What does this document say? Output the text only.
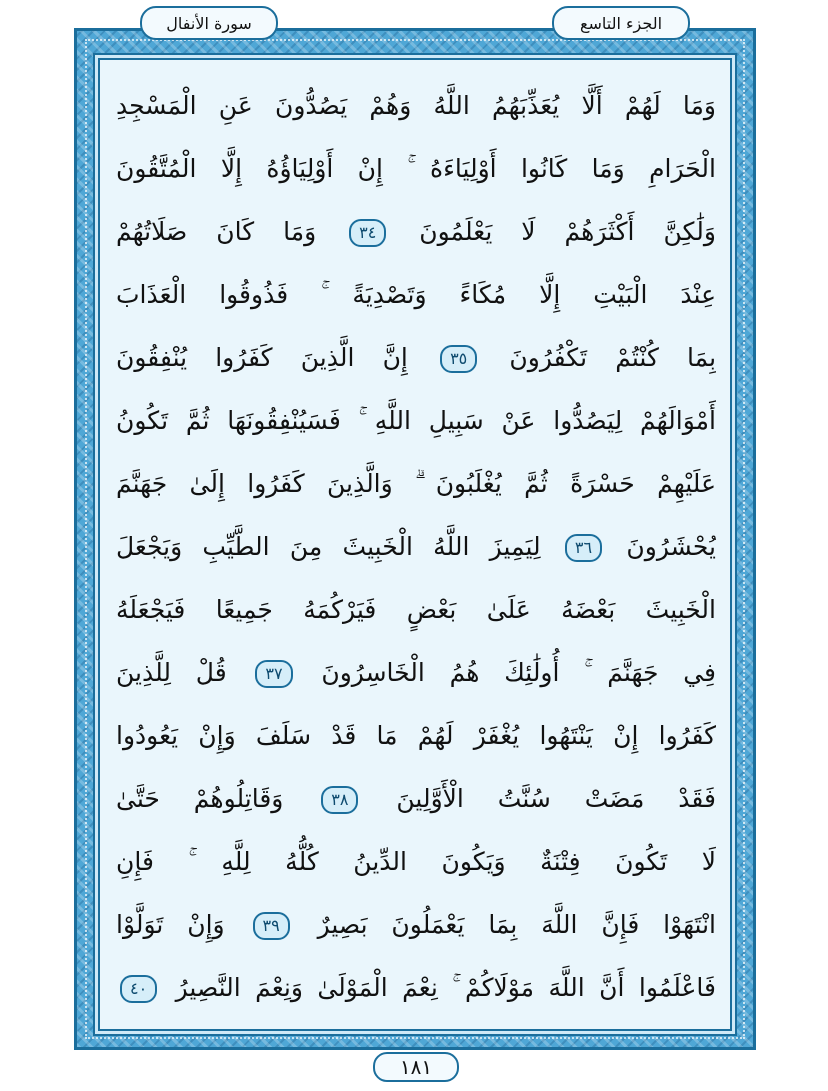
الجزء التاسع
سورة الأنفال
وَمَا لَهُمْ أَلَّا يُعَذِّبَهُمُ اللَّهُ وَهُمْ يَصُدُّونَ عَنِ الْمَسْجِدِ
الْحَرَامِ وَمَا كَانُوا أَوْلِيَاءَهُ ۚ إِنْ أَوْلِيَاؤُهُ إِلَّا الْمُتَّقُونَ
وَلَٰكِنَّ أَكْثَرَهُمْ لَا يَعْلَمُونَ ٣٤ وَمَا كَانَ صَلَاتُهُمْ
عِنْدَ الْبَيْتِ إِلَّا مُكَاءً وَتَصْدِيَةً ۚ فَذُوقُوا الْعَذَابَ
بِمَا كُنْتُمْ تَكْفُرُونَ ٣٥ إِنَّ الَّذِينَ كَفَرُوا يُنْفِقُونَ
أَمْوَالَهُمْ لِيَصُدُّوا عَنْ سَبِيلِ اللَّهِ ۚ فَسَيُنْفِقُونَهَا ثُمَّ تَكُونُ
عَلَيْهِمْ حَسْرَةً ثُمَّ يُغْلَبُونَ ۗ وَالَّذِينَ كَفَرُوا إِلَىٰ جَهَنَّمَ
يُحْشَرُونَ ٣٦ لِيَمِيزَ اللَّهُ الْخَبِيثَ مِنَ الطَّيِّبِ وَيَجْعَلَ
الْخَبِيثَ بَعْضَهُ عَلَىٰ بَعْضٍ فَيَرْكُمَهُ جَمِيعًا فَيَجْعَلَهُ
فِي جَهَنَّمَ ۚ أُولَٰئِكَ هُمُ الْخَاسِرُونَ ٣٧ قُلْ لِلَّذِينَ
كَفَرُوا إِنْ يَنْتَهُوا يُغْفَرْ لَهُمْ مَا قَدْ سَلَفَ وَإِنْ يَعُودُوا
فَقَدْ مَضَتْ سُنَّتُ الْأَوَّلِينَ ٣٨ وَقَاتِلُوهُمْ حَتَّىٰ
لَا تَكُونَ فِتْنَةٌ وَيَكُونَ الدِّينُ كُلُّهُ لِلَّهِ ۚ فَإِنِ
انْتَهَوْا فَإِنَّ اللَّهَ بِمَا يَعْمَلُونَ بَصِيرٌ ٣٩ وَإِنْ تَوَلَّوْا
فَاعْلَمُوا أَنَّ اللَّهَ مَوْلَاكُمْ ۚ نِعْمَ الْمَوْلَىٰ وَنِعْمَ النَّصِيرُ ٤٠
١٨١
